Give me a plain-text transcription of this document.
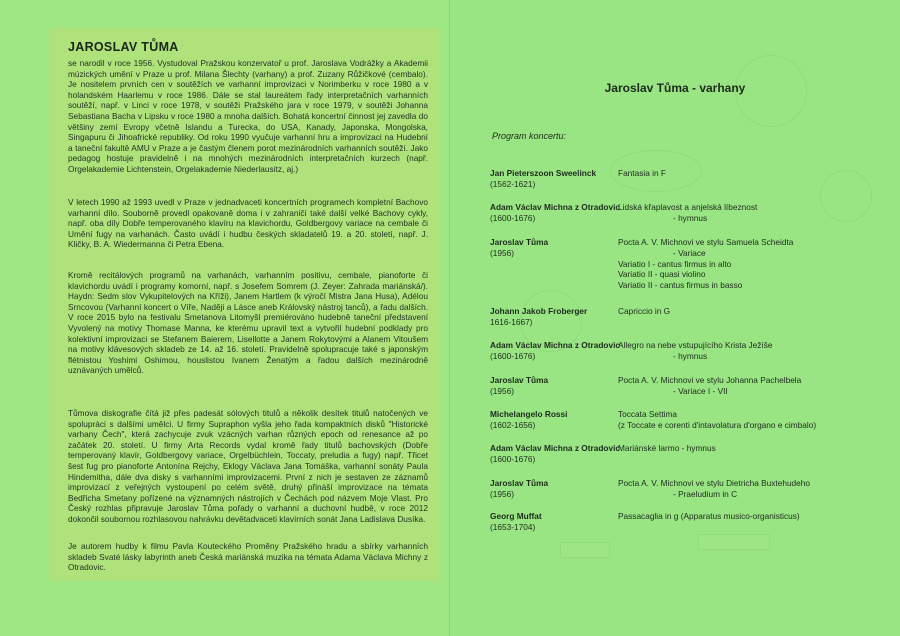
JAROSLAV TŮMA

se narodil v roce 1956. Vystudoval Pražskou konzervatoř u prof. Jaroslava Vodrážky a Akademii múzických umění v Praze u prof. Milana Šlechty (varhany) a prof. Zuzany Růžičkové (cembalo). Je nositelem prvních cen v soutěžích ve varhanní improvizaci v Norimberku v roce 1980 a v holandském Haarlemu v roce 1986. Dále se stal laureátem řady interpretačních varhanních soutěží, např. v Linci v roce 1978, v soutěži Pražského jara v roce 1979, v soutěži Johanna Sebastiana Bacha v Lipsku v roce 1980 a mnoha dalších. Bohatá koncertní činnost jej zavedla do většiny zemí Evropy včetně Islandu a Turecka, do USA, Kanady, Japonska, Mongolska, Singapuru či Jihoafrické republiky. Od roku 1990 vyučuje varhanní hru a improvizaci na Hudební a taneční fakultě AMU v Praze a je častým členem porot mezinárodních varhanních soutěží. Jako pedagog hostuje pravidelně i na mnohých mezinárodních interpretačních kurzech (např. Orgelakademie Lichtenstein, Orgelakademie Niederlausitz, aj.)

V letech 1990 až 1993 uvedl v Praze v jednadvaceti koncertních programech kompletní Bachovo varhanní dílo. Souborně provedl opakovaně doma i v zahraničí také další velké Bachovy cykly, např. oba díly Dobře temperovaného klavíru na klavichordu, Goldbergovy variace na cembale či Umění fugy na varhanách. Často uvádí i hudbu českých skladatelů 19. a 20. století, např. J. Kličky, B. A. Wiedermanna či Petra Ebena.

Kromě recitálových programů na varhanách, varhanním positivu, cembale, pianoforte či klavichordu uvádí i programy komorní, např. s Josefem Somrem (J. Zeyer: Zahrada mariánská/). Haydn: Sedm slov Vykupitelových na Kříži), Janem Hartlem (k výročí Mistra Jana Husa), Adélou Srncovou (Varhanní koncert o Víře, Naději a Lásce aneb Královský nástroj tanců), a řadu dalších. V roce 2015 bylo na festivalu Smetanova Litomyšl premiérováno hudebně taneční představení Vyvolený na motivy Thomase Manna, ke kterému upravil text a vytvořil hudební podklady pro kolektivní improvizaci se Stefanem Baierem, Lisellotte a Janem Rokytovými a Alanem Vitoušem na motivy klávesových skladeb ze 14. až 16. století. Pravidelně spolupracuje také s japonským flétnistou Yoshimi Oshimou, houslistou Ivanem Ženatým a řadou dalších mezinárodně uznávaných umělců.

Tůmova diskografie čítá již přes padesát sólových titulů a několik desítek titulů natočených ve spolupráci s dalšími umělci. U firmy Supraphon vyšla jeho řada kompaktních disků "Historické varhany Čech", která zachycuje zvuk vzácných varhan různých epoch od renesance až po začátek 20. století. U firmy Arta Records vydal kromě řady titulů bachovských (Dobře temperovaný klavír, Goldbergovy variace, Orgelbüchlein, Toccaty, preludia a fugy) např. Třicet šest fug pro pianoforte Antonína Rejchy, Eklogy Václava Jana Tomáška, varhanní sonáty Paula Hindemitha, dále dva disky s varhanními improvizacemi. První z nich je sestaven ze záznamů improvizací z veřejných vystoupení po celém světě, druhý přináší improvizace na témata Bedřicha Smetany pořízené na významných nástrojích v Čechách pod názvem Moje Vlast. Pro Český rozhlas připravuje Jaroslav Tůma pořady o varhanní a duchovní hudbě, v roce 2012 dokončil soubornou rozhlasovou nahrávku devětadvaceti klavírních sonát Jana Ladislava Dusíka.

Je autorem hudby k filmu Pavla Kouteckého Proměny Pražského hradu a sbírky varhanních skladeb Svaté lásky labyrinth aneb Česká mariánská muzika na témata Adama Václava Michny z Otradovic.

Jaroslav Tůma - varhany
Program koncertu:
Jan Pieterszoon Sweelinck
(1562-1621)
Fantasia in F
Adam Václav Michna z Otradovic
(1600-1676)
Lidská křaplavost a anjelská líbeznost
- hymnus
Jaroslav Tůma
(1956)
Pocta A. V. Michnovi ve stylu Samuela Scheidta
- Variace
Variatio I - cantus firmus in alto
Variatio II - quasi violino
Variatio II - cantus firmus in basso
Johann Jakob Froberger
1616-1667)
Capriccio in G
Adam Václav Michna z Otradovic
(1600-1676)
Allegro na nebe vstupujícího Krista Ježíše
- hymnus
Jaroslav Tůma
(1956)
Pocta A. V. Michnovi ve stylu Johanna Pachelbela
- Variace I - VII
Michelangelo Rossi
(1602-1656)
Toccata Settima
(z Toccate e corenti d'intavolatura d'organo e cimbalo)
Adam Václav Michna z Otradovic
(1600-1676)
Mariánské larmo - hymnus
Jaroslav Tůma
(1956)
Pocta A. V. Michnovi ve stylu Dietricha Buxtehudeho
- Praeludium in C
Georg Muffat
(1653-1704)
Passacaglia in g (Apparatus musico-organisticus)
